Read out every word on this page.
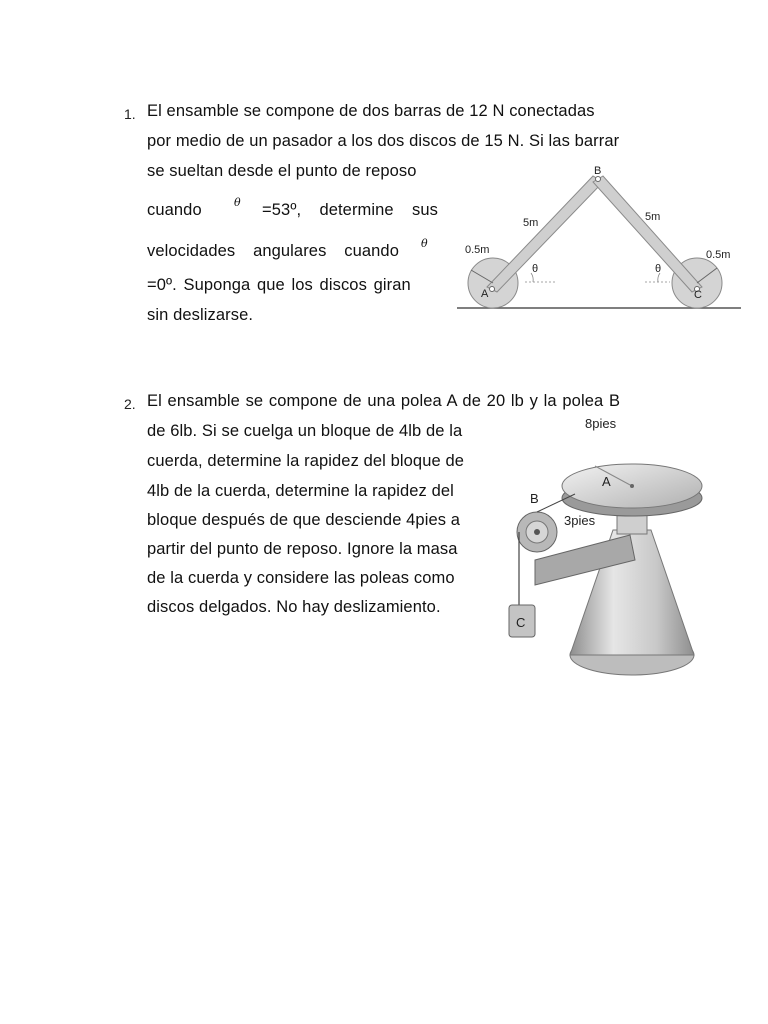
1. El ensamble se compone de dos barras de 12 N conectadas
por medio de un pasador a los dos discos de 15 N. Si las barrar
se sueltan desde el punto de reposo
cuando	=53º, determine sus
θ
velocidades angulares cuando θ
=0º. Suponga que los discos giran
sin deslizarse.
B
A	C
5m	5m
0.5m	0.5m
θ	θ
2. El ensamble se compone de una polea A de 20 lb y la polea B
de 6lb. Si se cuelga un bloque de 4lb de la
cuerda, determine la rapidez del bloque de
4lb de la cuerda, determine la rapidez del
bloque después de que desciende 4pies a
partir del punto de reposo. Ignore la masa
de la cuerda y considere las poleas como
discos delgados. No hay deslizamiento.
8pies
A
B
3pies
C
